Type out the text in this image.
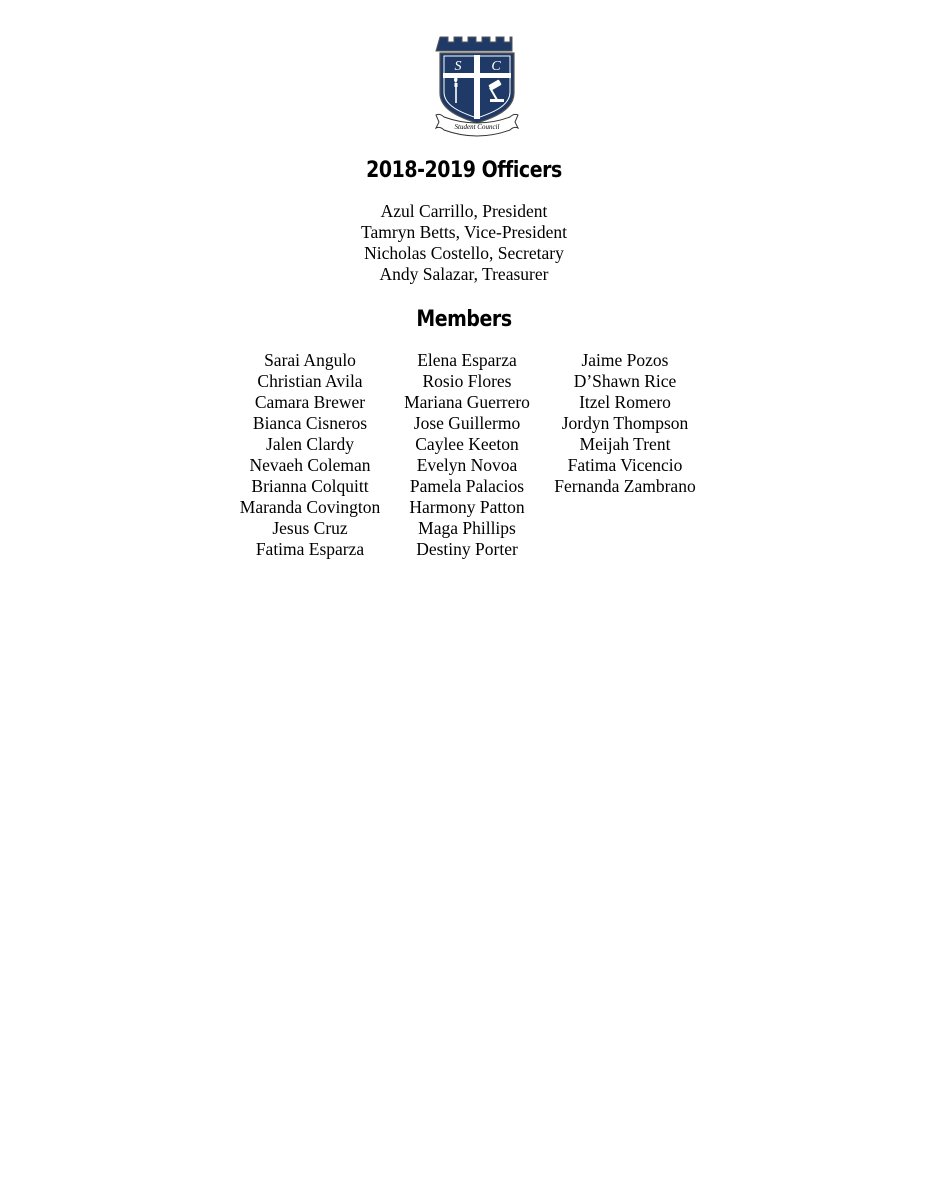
S C
Student Council
2018-2019 Officers
Azul Carrillo, President
Tamryn Betts, Vice-President
Nicholas Costello, Secretary
Andy Salazar, Treasurer
Members
Sarai Angulo
Christian Avila
Camara Brewer
Bianca Cisneros
Jalen Clardy
Nevaeh Coleman
Brianna Colquitt
Maranda Covington
Jesus Cruz
Fatima Esparza
Elena Esparza
Rosio Flores
Mariana Guerrero
Jose Guillermo
Caylee Keeton
Evelyn Novoa
Pamela Palacios
Harmony Patton
Maga Phillips
Destiny Porter
Jaime Pozos
D’Shawn Rice
Itzel Romero
Jordyn Thompson
Meijah Trent
Fatima Vicencio
Fernanda Zambrano
